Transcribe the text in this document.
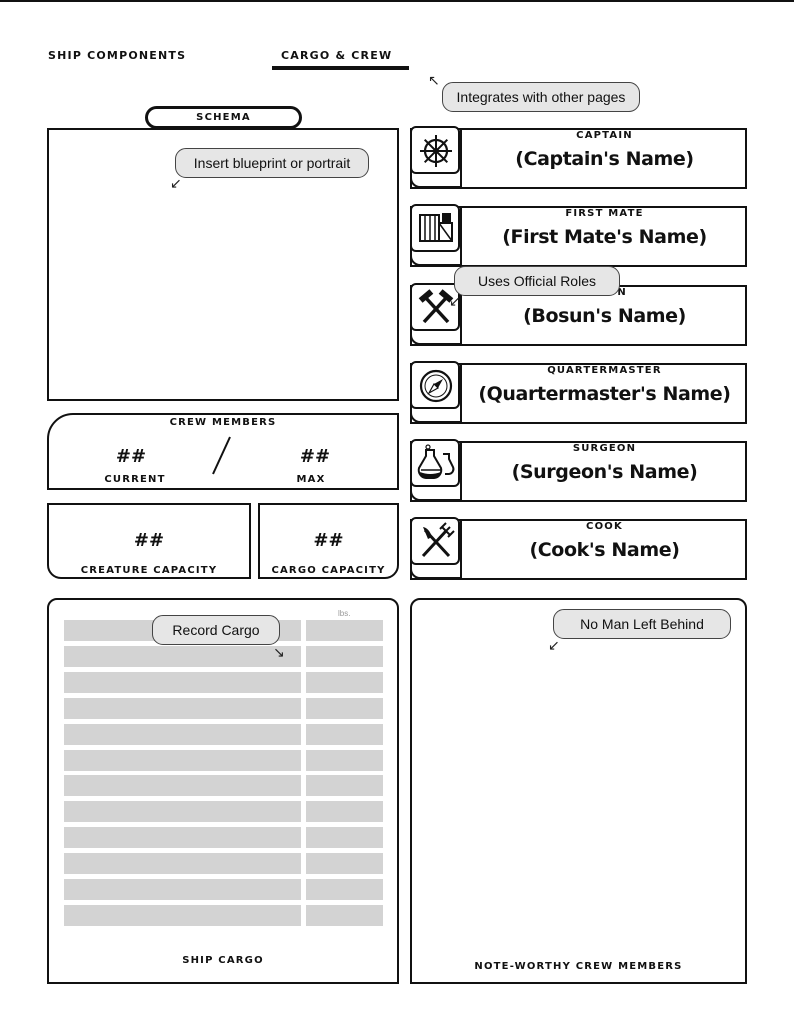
SHIP COMPONENTS	CARGO & CREW
↖
Integrates with other pages
SCHEMA
Insert blueprint or portrait
↙
CREW MEMBERS
##
CURRENT
##
MAX
##
CREATURE CAPACITY
##
CARGO CAPACITY
lbs.
Record Cargo
↘
SHIP CARGO
No Man Left Behind
↙
NOTE-WORTHY CREW MEMBERS
CAPTAIN
(Captain's Name)
FIRST MATE
(First Mate's Name)
N
(Bosun's Name)
QUARTERMASTER
(Quartermaster's Name)
SURGEON
(Surgeon's Name)
COOK
(Cook's Name)
Uses Official Roles
↙
